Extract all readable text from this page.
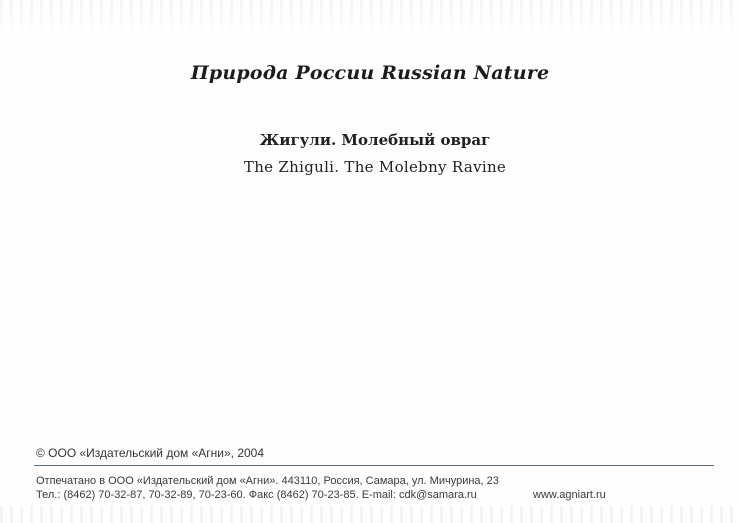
Природа России Russian Nature
Жигули. Молебный овраг
The Zhiguli. The Molebny Ravine
© ООО «Издательский дом «Агни», 2004
Отпечатано в ООО «Издательский дом «Агни». 443110, Россия, Самара, ул. Мичурина, 23
Тел.: (8462) 70-32-87, 70-32-89, 70-23-60. Факс (8462) 70-23-85. E-mail: cdk@samara.ru	www.agniart.ru
